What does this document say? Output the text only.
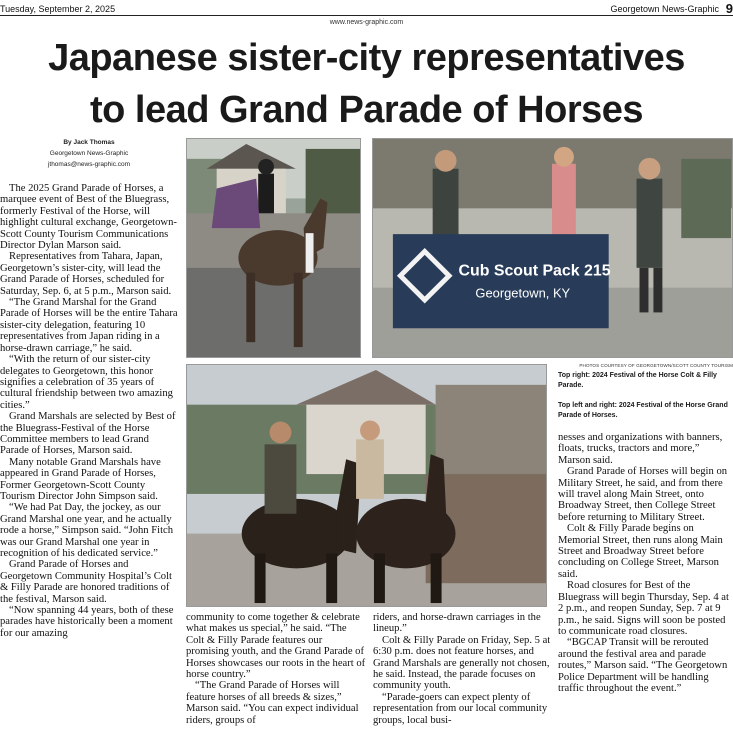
Tuesday, September 2, 2025	Georgetown News-Graphic 9
www.news-graphic.com
Japanese sister-city representatives
to lead Grand Parade of Horses
By Jack Thomas
Georgetown News-Graphic
jthomas@news-graphic.com

The 2025 Grand Parade of Horses, a marquee event of Best of the Bluegrass, formerly Festival of the Horse, will highlight cultural exchange, Georgetown-Scott County Tourism Communications Director Dylan Marson said.

Representatives from Tahara, Japan, Georgetown’s sister-city, will lead the Grand Parade of Horses, scheduled for Saturday, Sep. 6, at 5 p.m., Marson said.

“The Grand Marshal for the Grand Parade of Horses will be the entire Tahara sister-city delegation, featuring 10 representatives from Japan riding in a horse-drawn carriage,” he said.

“With the return of our sister-city delegates to Georgetown, this honor signifies a celebration of 35 years of cultural friendship between two amazing cities.”

Grand Marshals are selected by Best of the Bluegrass-Festival of the Horse Committee members to lead Grand Parade of Horses, Marson said.

Many notable Grand Marshals have appeared in Grand Parade of Horses, Former Georgetown-Scott County Tourism Director John Simpson said.

“We had Pat Day, the jockey, as our Grand Marshal one year, and he actually rode a horse,” Simpson said. “John Fitch was our Grand Marshal one year in recognition of his dedicated service.”

Grand Parade of Horses and Georgetown Community Hospital’s Colt & Filly Parade are honored traditions of the festival, Marson said.

“Now spanning 44 years, both of these parades have historically been a moment for our amazing

Cub Scout Pack 215
Georgetown, KY
PHOTOS COURTESY OF GEORGETOWN/SCOTT COUNTY TOURISM
Top right: 2024 Festival of the Horse Colt & Filly Parade.
Top left and right: 2024 Festival of the Horse Grand Parade of Horses.

community to come together & celebrate what makes us special,” he said. “The Colt & Filly Parade features our promising youth, and the Grand Parade of Horses showcases our roots in the heart of horse country.”

“The Grand Parade of Horses will feature horses of all breeds & sizes,” Marson said. “You can expect individual riders, groups of

riders, and horse-drawn carriages in the lineup.”

Colt & Filly Parade on Friday, Sep. 5 at 6:30 p.m. does not feature horses, and Grand Marshals are generally not chosen, he said. Instead, the parade focuses on community youth.

“Parade-goers can expect plenty of representation from our local community groups, local busi-

nesses and organizations with banners, floats, trucks, tractors and more,” Marson said.

Grand Parade of Horses will begin on Military Street, he said, and from there will travel along Main Street, onto Broadway Street, then College Street before returning to Military Street.

Colt & Filly Parade begins on Memorial Street, then runs along Main Street and Broadway Street before concluding on College Street, Marson said.

Road closures for Best of the Bluegrass will begin Thursday, Sep. 4 at 2 p.m., and reopen Sunday, Sep. 7 at 9 p.m., he said. Signs will soon be posted to communicate road closures.

“BGCAP Transit will be rerouted around the festival area and parade routes,” Marson said. “The Georgetown Police Department will be handling traffic throughout the event.”
